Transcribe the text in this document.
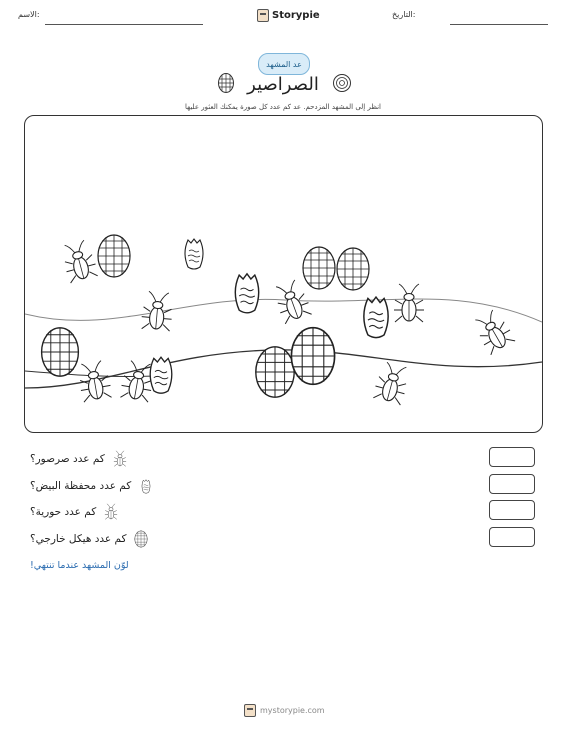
الاسم:	Storypie	التاريخ:
عد المشهد
الصراصير
انظر إلى المشهد المزدحم. عد كم عدد كل صورة يمكنك العثور عليها
كم عدد صرصور؟
كم عدد محفظة البيض؟
كم عدد حورية؟
كم عدد هيكل خارجي؟
لوّن المشهد عندما تنتهي!
mystorypie.com
